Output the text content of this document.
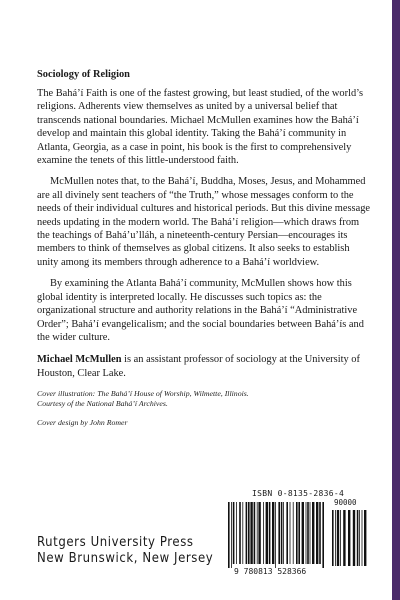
Sociology of Religion

The Bahá’í Faith is one of the fastest growing, but least studied, of the world’s religions. Adherents view themselves as united by a universal belief that transcends national boundaries. Michael McMullen examines how the Bahá’í develop and maintain this global identity. Taking the Bahá’í community in Atlanta, Georgia, as a case in point, his book is the first to comprehensively examine the tenets of this little-understood faith.

McMullen notes that, to the Bahá’í, Buddha, Moses, Jesus, and Mohammed are all divinely sent teachers of “the Truth,” whose messages conform to the needs of their individual cultures and historical periods. But this divine message needs updating in the modern world. The Bahá’í religion—which draws from the teachings of Bahá’u’lláh, a nineteenth-century Persian—encourages its members to think of themselves as global citizens. It also seeks to establish unity among its members through adherence to a Bahá’í worldview.

By examining the Atlanta Bahá’í community, McMullen shows how this global identity is interpreted locally. He discusses such topics as: the organizational structure and authority relations in the Bahá’í “Administrative Order”; Bahá’í evangelicalism; and the social boundaries between Bahá’ís and the wider culture.

Michael McMullen is an assistant professor of sociology at the University of Houston, Clear Lake.

Cover illustration: The Bahá’í House of Worship, Wilmette, Illinois.
Courtesy of the National Bahá’í Archives.

Cover design by John Romer

ISBN 0-8135-2836-4
90000
9 780813 528366
Rutgers University Press
New Brunswick, New Jersey
